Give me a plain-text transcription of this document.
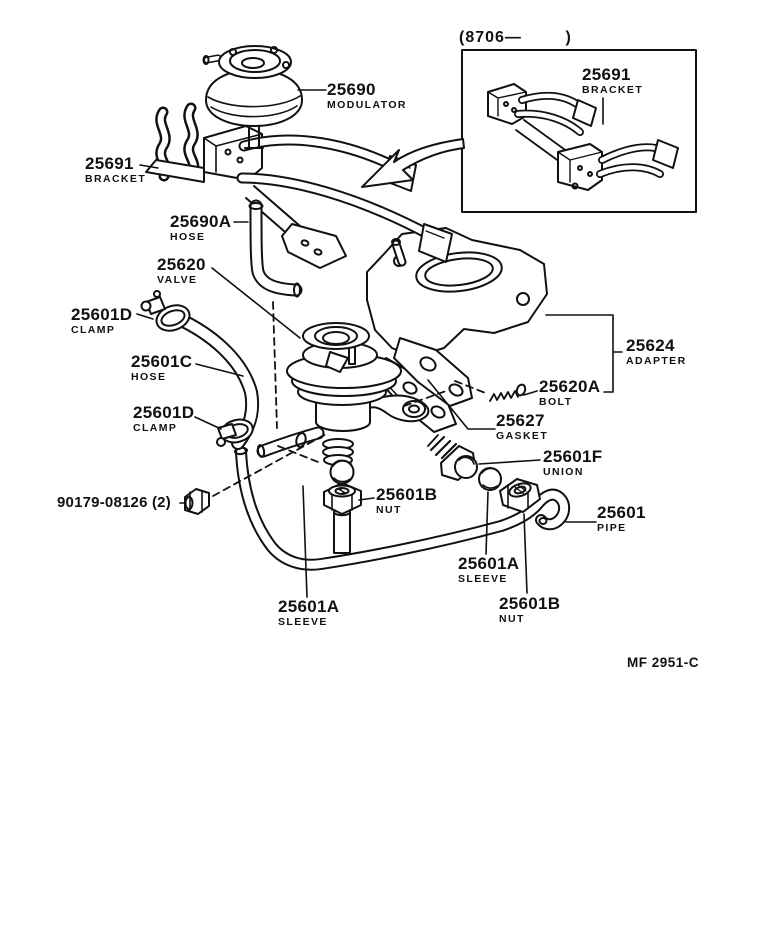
(8706—        )
25691
BRACKET
25690
MODULATOR
25691
BRACKET
25690A
HOSE
25620
VALVE
25601D
CLAMP
25601C
HOSE
25601D
CLAMP
25624
ADAPTER
25620A
BOLT
25627
GASKET
25601F
UNION
25601B
NUT
90179-08126 (2)
25601
PIPE
25601A
SLEEVE
25601A
SLEEVE
25601B
NUT
MF 2951-C
